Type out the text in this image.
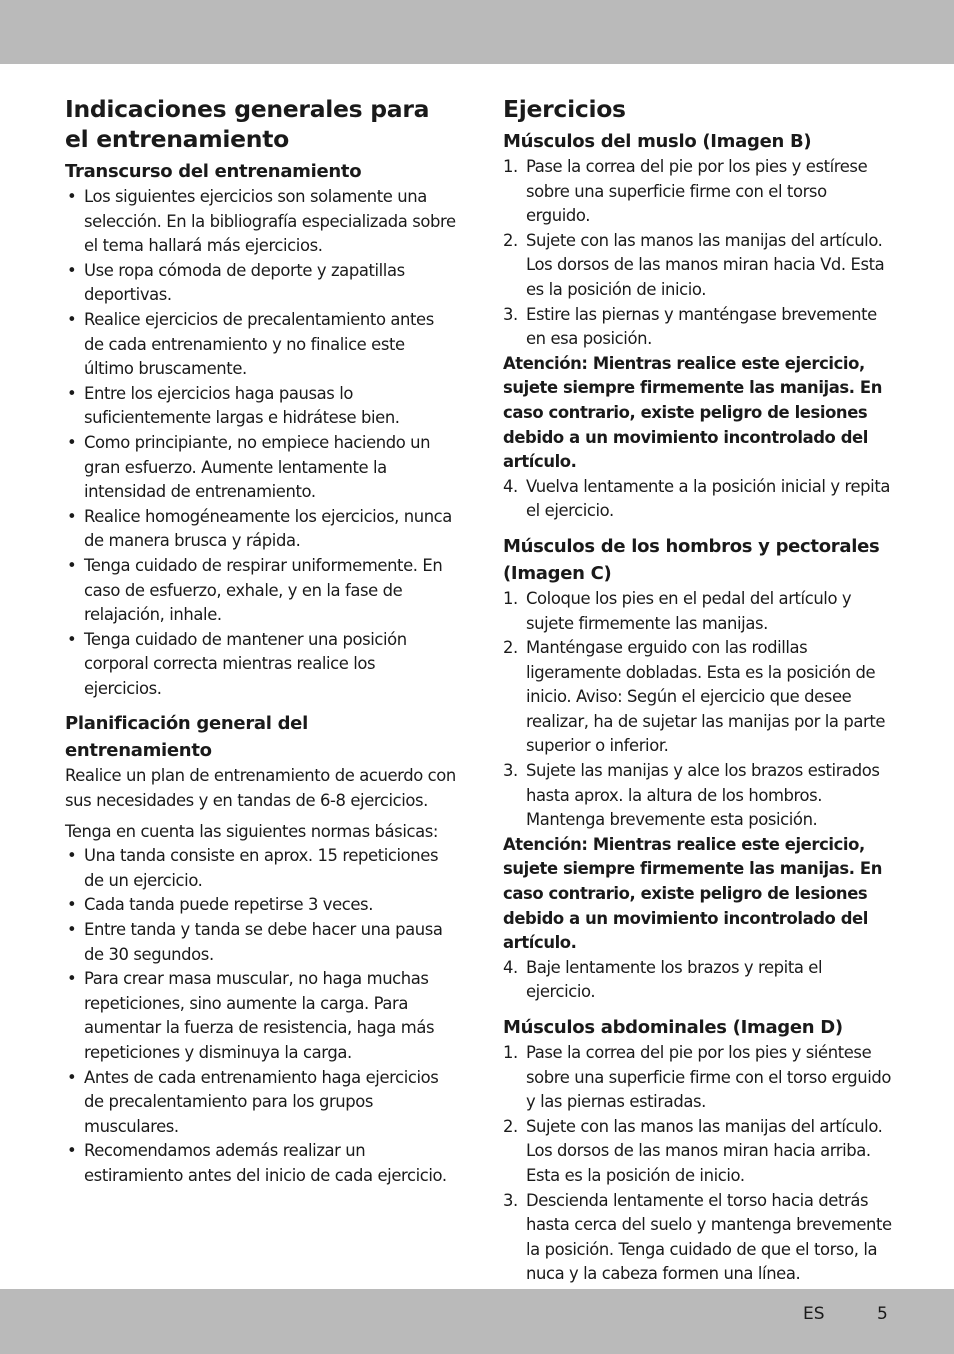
Indicaciones generales para el entrenamiento
Transcurso del entrenamiento
• Los siguientes ejercicios son solamente una selección. En la bibliografía especializada sobre el tema hallará más ejercicios.
• Use ropa cómoda de deporte y zapatillas deportivas.
• Realice ejercicios de precalentamiento antes de cada entrenamiento y no finalice este último bruscamente.
• Entre los ejercicios haga pausas lo suficientemente largas e hidrátese bien.
• Como principiante, no empiece haciendo un gran esfuerzo. Aumente lentamente la intensidad de entrenamiento.
• Realice homogéneamente los ejercicios, nunca de manera brusca y rápida.
• Tenga cuidado de respirar uniformemente. En caso de esfuerzo, exhale, y en la fase de relajación, inhale.
• Tenga cuidado de mantener una posición corporal correcta mientras realice los ejercicios.
Planificación general del entrenamiento

Realice un plan de entrenamiento de acuerdo con sus necesidades y en tandas de 6-8 ejercicios.

Tenga en cuenta las siguientes normas básicas:

• Una tanda consiste en aprox. 15 repeticiones de un ejercicio.
• Cada tanda puede repetirse 3 veces.
• Entre tanda y tanda se debe hacer una pausa de 30 segundos.
• Para crear masa muscular, no haga muchas repeticiones, sino aumente la carga. Para aumentar la fuerza de resistencia, haga más repeticiones y disminuya la carga.
• Antes de cada entrenamiento haga ejercicios de precalentamiento para los grupos musculares.
• Recomendamos además realizar un estiramiento antes del inicio de cada ejercicio.
Ejercicios
Músculos del muslo (Imagen B)
1. Pase la correa del pie por los pies y estírese sobre una superficie firme con el torso erguido.
2. Sujete con las manos las manijas del artículo. Los dorsos de las manos miran hacia Vd. Esta es la posición de inicio.
3. Estire las piernas y manténgase brevemente en esa posición.

Atención: Mientras realice este ejercicio, sujete siempre firmemente las manijas. En caso contrario, existe peligro de lesiones debido a un movimiento incontrolado del artículo.

4. Vuelva lentamente a la posición inicial y repita el ejercicio.
Músculos de los hombros y pectorales (Imagen C)
1. Coloque los pies en el pedal del artículo y sujete firmemente las manijas.
2. Manténgase erguido con las rodillas ligeramente dobladas. Esta es la posición de inicio. Aviso: Según el ejercicio que desee realizar, ha de sujetar las manijas por la parte superior o inferior.
3. Sujete las manijas y alce los brazos estirados hasta aprox. la altura de los hombros. Mantenga brevemente esta posición.

Atención: Mientras realice este ejercicio, sujete siempre firmemente las manijas. En caso contrario, existe peligro de lesiones debido a un movimiento incontrolado del artículo.

4. Baje lentamente los brazos y repita el ejercicio.
Músculos abdominales (Imagen D)
1. Pase la correa del pie por los pies y siéntese sobre una superficie firme con el torso erguido y las piernas estiradas.
2. Sujete con las manos las manijas del artículo. Los dorsos de las manos miran hacia arriba. Esta es la posición de inicio.
3. Descienda lentamente el torso hacia detrás hasta cerca del suelo y mantenga brevemente la posición. Tenga cuidado de que el torso, la nuca y la cabeza formen una línea.
ES	5
